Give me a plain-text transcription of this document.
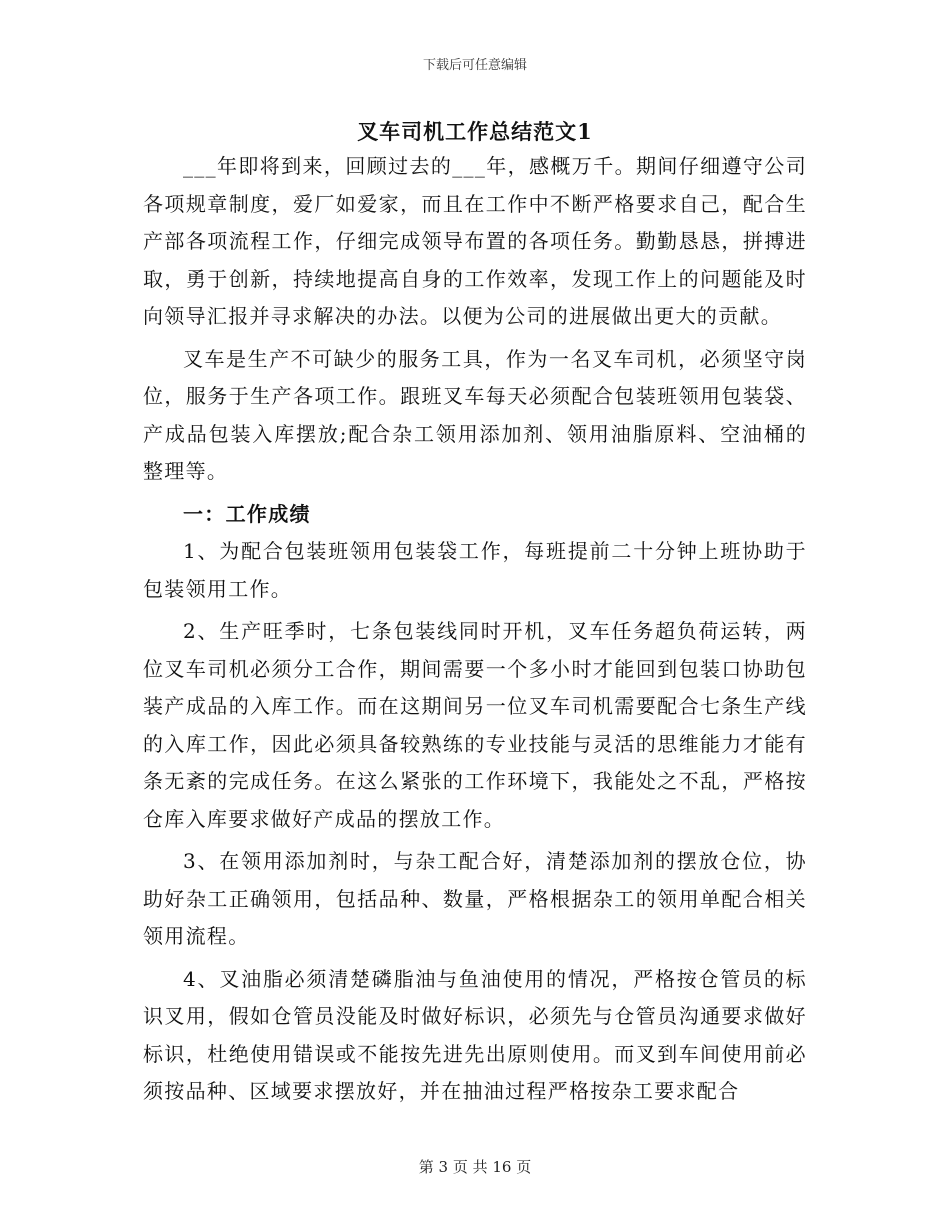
下载后可任意编辑
叉车司机工作总结范文1

___年即将到来，回顾过去的___年，感概万千。期间仔细遵守公司各项规章制度，爱厂如爱家，而且在工作中不断严格要求自己，配合生产部各项流程工作，仔细完成领导布置的各项任务。勤勤恳恳，拼搏进取，勇于创新，持续地提高自身的工作效率，发现工作上的问题能及时向领导汇报并寻求解决的办法。以便为公司的进展做出更大的贡献。

叉车是生产不可缺少的服务工具，作为一名叉车司机，必须坚守岗位，服务于生产各项工作。跟班叉车每天必须配合包装班领用包装袋、产成品包装入库摆放;配合杂工领用添加剂、领用油脂原料、空油桶的整理等。

一：工作成绩

1、为配合包装班领用包装袋工作，每班提前二十分钟上班协助于包装领用工作。

2、生产旺季时，七条包装线同时开机，叉车任务超负荷运转，两位叉车司机必须分工合作，期间需要一个多小时才能回到包装口协助包装产成品的入库工作。而在这期间另一位叉车司机需要配合七条生产线的入库工作，因此必须具备较熟练的专业技能与灵活的思维能力才能有条无紊的完成任务。在这么紧张的工作环境下，我能处之不乱，严格按仓库入库要求做好产成品的摆放工作。

3、在领用添加剂时，与杂工配合好，清楚添加剂的摆放仓位，协助好杂工正确领用，包括品种、数量，严格根据杂工的领用单配合相关领用流程。

4、叉油脂必须清楚磷脂油与鱼油使用的情况，严格按仓管员的标识叉用，假如仓管员没能及时做好标识，必须先与仓管员沟通要求做好标识，杜绝使用错误或不能按先进先出原则使用。而叉到车间使用前必须按品种、区域要求摆放好，并在抽油过程严格按杂工要求配合

第 3 页 共 16 页
